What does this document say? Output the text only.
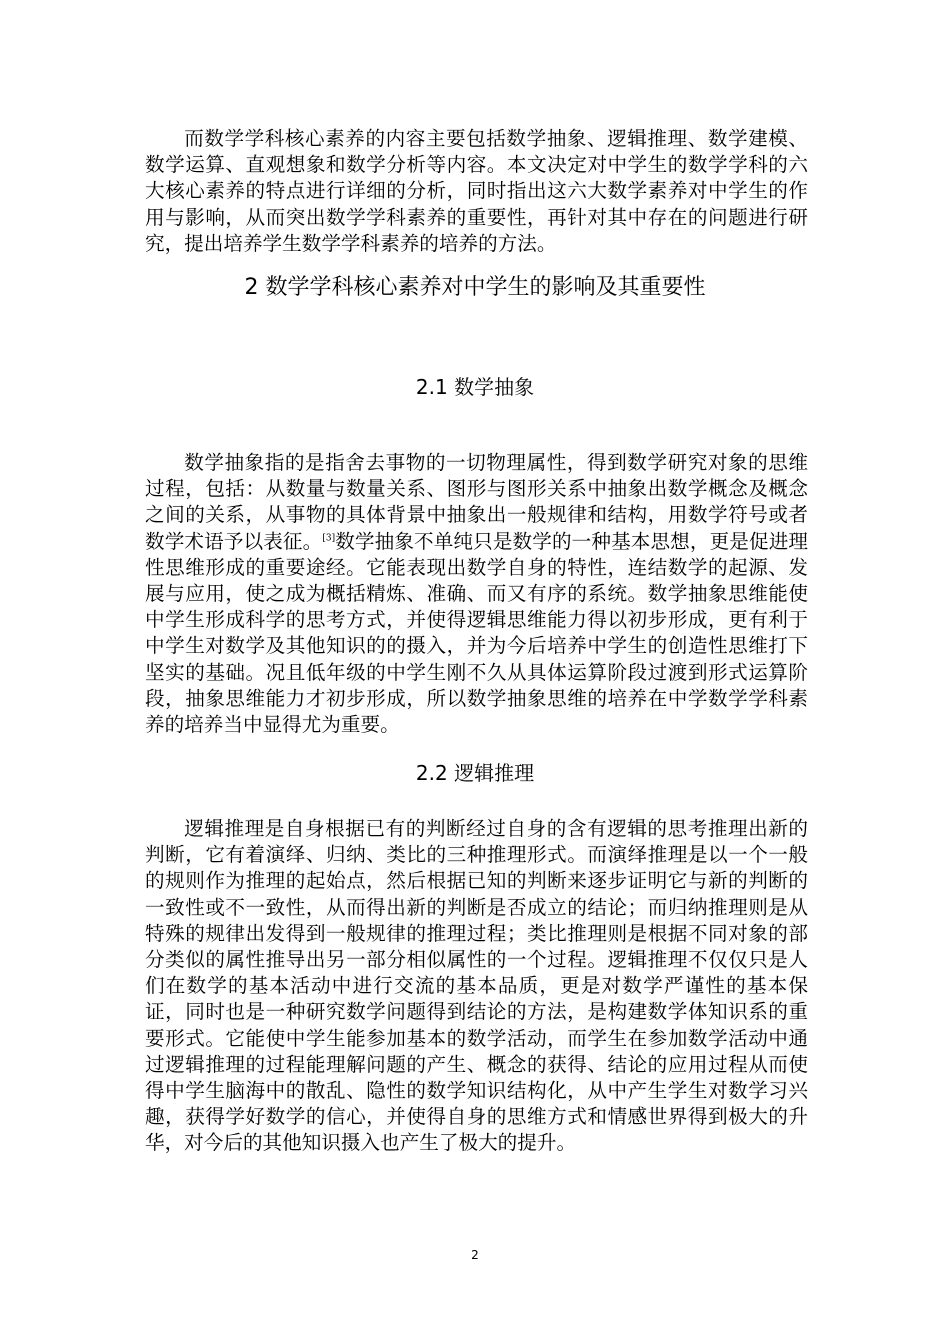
而数学学科核心素养的内容主要包括数学抽象、逻辑推理、数学建模、数学运算、直观想象和数学分析等内容。本文决定对中学生的数学学科的六大核心素养的特点进行详细的分析，同时指出这六大数学素养对中学生的作用与影响，从而突出数学学科素养的重要性，再针对其中存在的问题进行研究，提出培养学生数学学科素养的培养的方法。

2 数学学科核心素养对中学生的影响及其重要性
2.1 数学抽象

数学抽象指的是指舍去事物的一切物理属性，得到数学研究对象的思维过程，包括：从数量与数量关系、图形与图形关系中抽象出数学概念及概念之间的关系，从事物的具体背景中抽象出一般规律和结构，用数学符号或者数学术语予以表征。[3]数学抽象不单纯只是数学的一种基本思想，更是促进理性思维形成的重要途经。它能表现出数学自身的特性，连结数学的起源、发展与应用，使之成为概括精炼、准确、而又有序的系统。数学抽象思维能使中学生形成科学的思考方式，并使得逻辑思维能力得以初步形成，更有利于中学生对数学及其他知识的的摄入，并为今后培养中学生的创造性思维打下坚实的基础。况且低年级的中学生刚不久从具体运算阶段过渡到形式运算阶段，抽象思维能力才初步形成，所以数学抽象思维的培养在中学数学学科素养的培养当中显得尤为重要。

2.2 逻辑推理

逻辑推理是自身根据已有的判断经过自身的含有逻辑的思考推理出新的判断，它有着演绎、归纳、类比的三种推理形式。而演绎推理是以一个一般的规则作为推理的起始点，然后根据已知的判断来逐步证明它与新的判断的一致性或不一致性，从而得出新的判断是否成立的结论；而归纳推理则是从特殊的规律出发得到一般规律的推理过程；类比推理则是根据不同对象的部分类似的属性推导出另一部分相似属性的一个过程。逻辑推理不仅仅只是人们在数学的基本活动中进行交流的基本品质，更是对数学严谨性的基本保证，同时也是一种研究数学问题得到结论的方法，是构建数学体知识系的重要形式。它能使中学生能参加基本的数学活动，而学生在参加数学活动中通过逻辑推理的过程能理解问题的产生、概念的获得、结论的应用过程从而使得中学生脑海中的散乱、隐性的数学知识结构化，从中产生学生对数学习兴趣，获得学好数学的信心，并使得自身的思维方式和情感世界得到极大的升华，对今后的其他知识摄入也产生了极大的提升。

2
